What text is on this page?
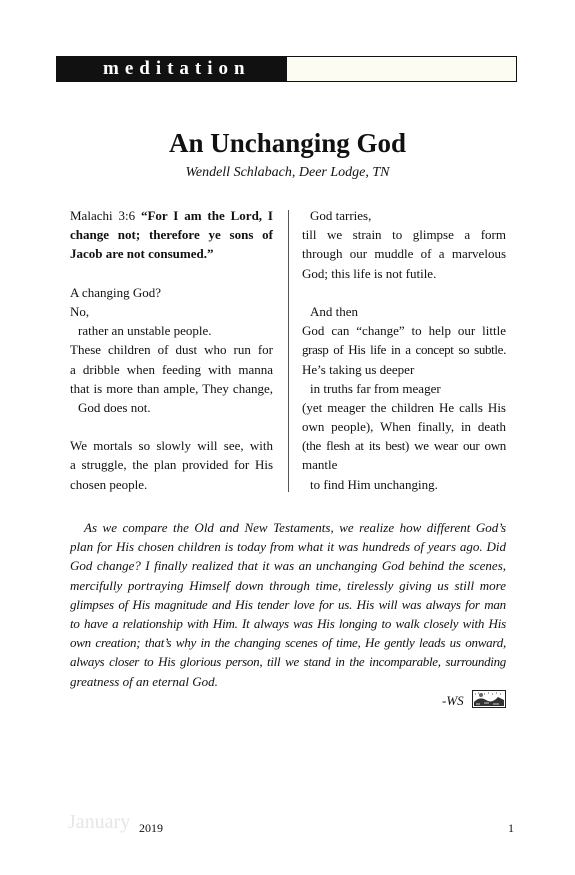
meditation
An Unchanging God
Wendell Schlabach, Deer Lodge, TN
Malachi 3:6 “For I am the Lord, I
change not; therefore ye sons of
Jacob are not consumed.”
A changing God?
No,
rather an unstable people.
These children of dust who run for
a dribble when feeding with manna
that is more than ample, They change,
God does not.
We mortals so slowly will see, with
a struggle, the plan provided for His
chosen people.
God tarries,
till we strain to glimpse a form
through our muddle of a marvelous
God; this life is not futile.
And then
God can “change” to help our little
grasp of His life in a concept so subtle.
He’s taking us deeper
in truths far from meager
(yet meager the children He calls His
own people), When finally, in death
(the flesh at its best) we wear our own
mantle
to find Him unchanging.
As we compare the Old and New Testaments, we realize how different God’s
plan for His chosen children is today from what it was hundreds of years ago. Did
God change? I finally realized that it was an unchanging God behind the scenes,
mercifully portraying Himself down through time, tirelessly giving us still more
glimpses of His magnitude and His tender love for us. His will was always for man
to have a relationship with Him. It always was His longing to walk closely with His
own creation; that’s why in the changing scenes of time, He gently leads us onward,
always closer to His glorious person, till we stand in the incomparable, surrounding
greatness of an eternal God.
-WS
January 2019	1
